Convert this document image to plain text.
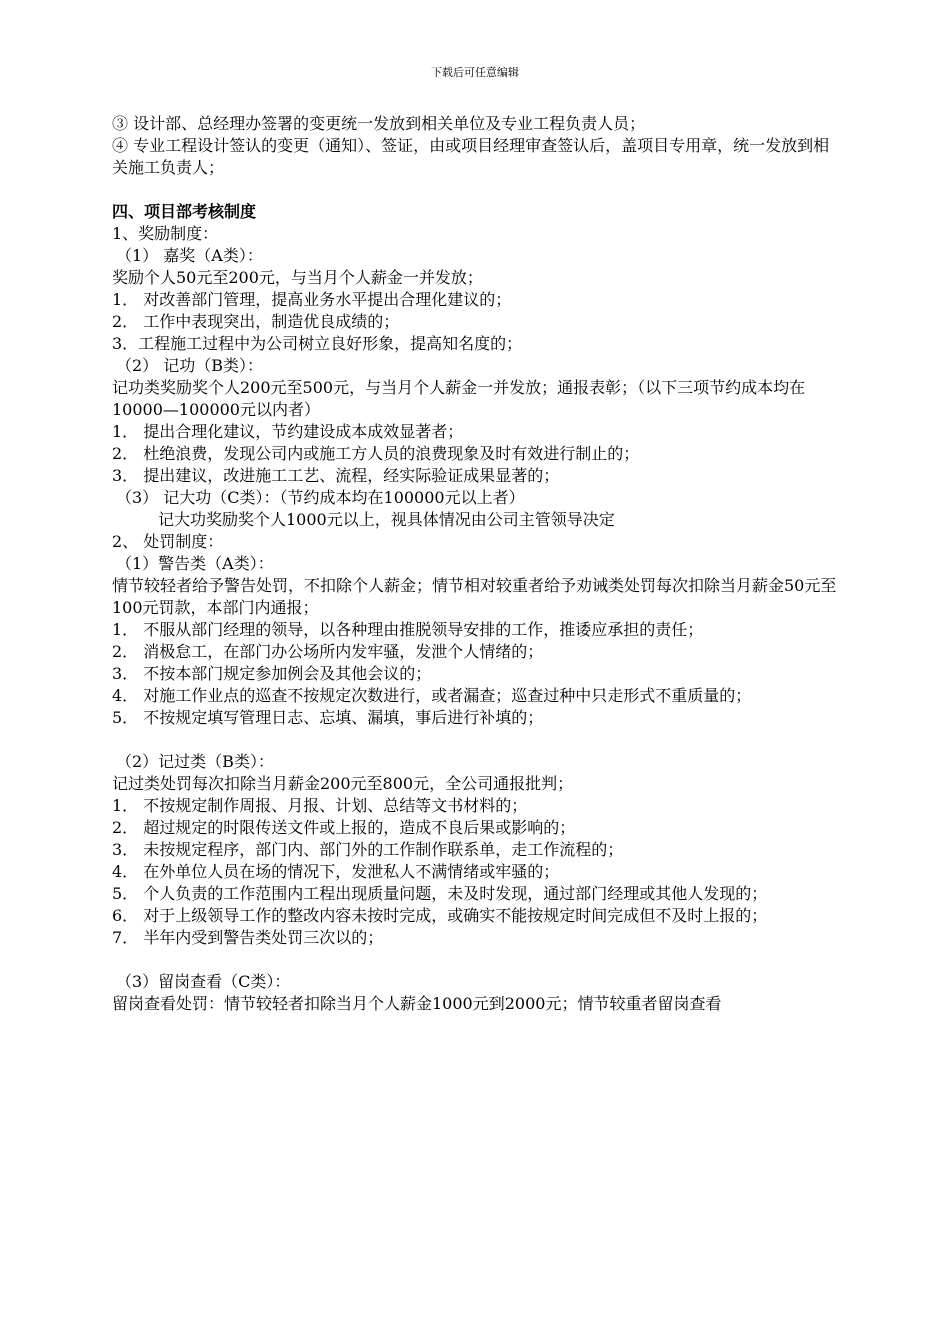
下载后可任意编辑
③ 设计部、总经理办签署的变更统一发放到相关单位及专业工程负责人员；
④ 专业工程设计签认的变更（通知）、签证，由或项目经理审查签认后，盖项目专用章，统一发放到相关施工负责人；
四、项目部考核制度
1、奖励制度：
（1） 嘉奖（A类）：
奖励个人50元至200元，与当月个人薪金一并发放；
1． 对改善部门管理，提高业务水平提出合理化建议的；
2． 工作中表现突出，制造优良成绩的；
3．工程施工过程中为公司树立良好形象，提高知名度的；
（2） 记功（B类）：
记功类奖励奖个人200元至500元，与当月个人薪金一并发放；通报表彰；（以下三项节约成本均在10000—100000元以内者）
1． 提出合理化建议，节约建设成本成效显著者；
2． 杜绝浪费，发现公司内或施工方人员的浪费现象及时有效进行制止的；
3． 提出建议，改进施工工艺、流程，经实际验证成果显著的；
（3） 记大功（C类）：（节约成本均在100000元以上者）
记大功奖励奖个人1000元以上，视具体情况由公司主管领导决定
2、 处罚制度：
（1）警告类（A类）：
情节较轻者给予警告处罚，不扣除个人薪金；情节相对较重者给予劝诫类处罚每次扣除当月薪金50元至100元罚款，本部门内通报；
1． 不服从部门经理的领导，以各种理由推脱领导安排的工作，推诿应承担的责任；
2． 消极怠工，在部门办公场所内发牢骚，发泄个人情绪的；
3． 不按本部门规定参加例会及其他会议的；
4． 对施工作业点的巡查不按规定次数进行，或者漏查；巡查过种中只走形式不重质量的；
5． 不按规定填写管理日志、忘填、漏填，事后进行补填的；
（2）记过类（B类）：
记过类处罚每次扣除当月薪金200元至800元，全公司通报批判；
1． 不按规定制作周报、月报、计划、总结等文书材料的；
2． 超过规定的时限传送文件或上报的，造成不良后果或影响的；
3． 未按规定程序，部门内、部门外的工作制作联系单，走工作流程的；
4． 在外单位人员在场的情况下，发泄私人不满情绪或牢骚的；
5． 个人负责的工作范围内工程出现质量问题，未及时发现，通过部门经理或其他人发现的；
6． 对于上级领导工作的整改内容未按时完成，或确实不能按规定时间完成但不及时上报的；
7． 半年内受到警告类处罚三次以的；
（3）留岗查看（C类）：
留岗查看处罚：情节较轻者扣除当月个人薪金1000元到2000元；情节较重者留岗查看
